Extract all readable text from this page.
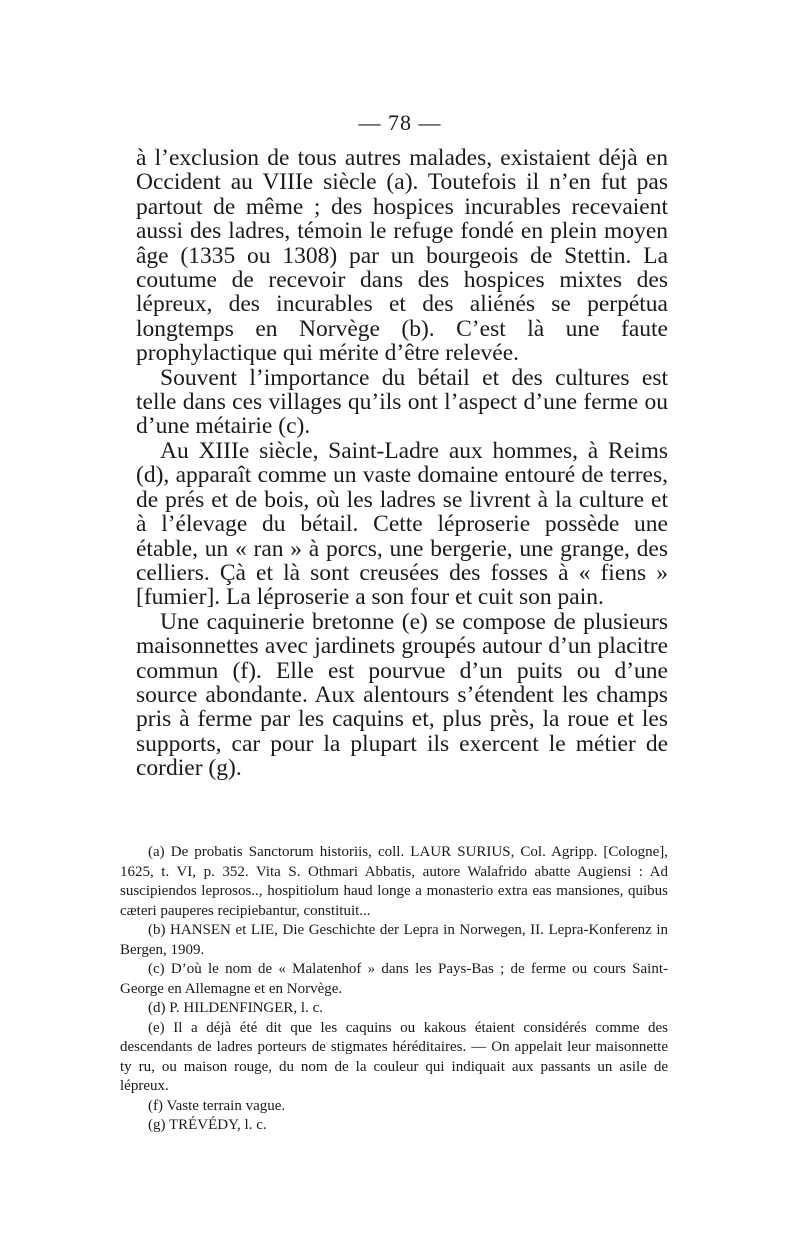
— 78 —

à l’exclusion de tous autres malades, existaient déjà en Occident au VIIIe siècle (a). Toutefois il n’en fut pas partout de même ; des hospices incurables recevaient aussi des ladres, témoin le refuge fondé en plein moyen âge (1335 ou 1308) par un bourgeois de Stettin. La coutume de recevoir dans des hospices mixtes des lépreux, des incurables et des aliénés se perpétua longtemps en Norvège (b). C’est là une faute prophylactique qui mérite d’être relevée.

Souvent l’importance du bétail et des cultures est telle dans ces villages qu’ils ont l’aspect d’une ferme ou d’une métairie (c).

Au XIIIe siècle, Saint-Ladre aux hommes, à Reims (d), apparaît comme un vaste domaine entouré de terres, de prés et de bois, où les ladres se livrent à la culture et à l’élevage du bétail. Cette léproserie possède une étable, un « ran » à porcs, une bergerie, une grange, des celliers. Çà et là sont creusées des fosses à « fiens » [fumier]. La léproserie a son four et cuit son pain.

Une caquinerie bretonne (e) se compose de plusieurs maisonnettes avec jardinets groupés autour d’un placitre commun (f). Elle est pourvue d’un puits ou d’une source abondante. Aux alentours s’étendent les champs pris à ferme par les caquins et, plus près, la roue et les supports, car pour la plupart ils exercent le métier de cordier (g).

(a) De probatis Sanctorum historiis, coll. LAUR SURIUS, Col. Agripp. [Cologne], 1625, t. VI, p. 352. Vita S. Othmari Abbatis, autore Walafrido abatte Augiensi : Ad suscipiendos leprosos.., hospitiolum haud longe a monasterio extra eas mansiones, quibus cæteri pauperes recipiebantur, constituit...

(b) HANSEN et LIE, Die Geschichte der Lepra in Norwegen, II. Lepra-Konferenz in Bergen, 1909.

(c) D’où le nom de « Malatenhof » dans les Pays-Bas ; de ferme ou cours Saint-George en Allemagne et en Norvège.

(d) P. HILDENFINGER, l. c.

(e) Il a déjà été dit que les caquins ou kakous étaient considérés comme des descendants de ladres porteurs de stigmates héréditaires. — On appelait leur maisonnette ty ru, ou maison rouge, du nom de la couleur qui indiquait aux passants un asile de lépreux.

(f) Vaste terrain vague.

(g) TRÉVÉDY, l. c.
